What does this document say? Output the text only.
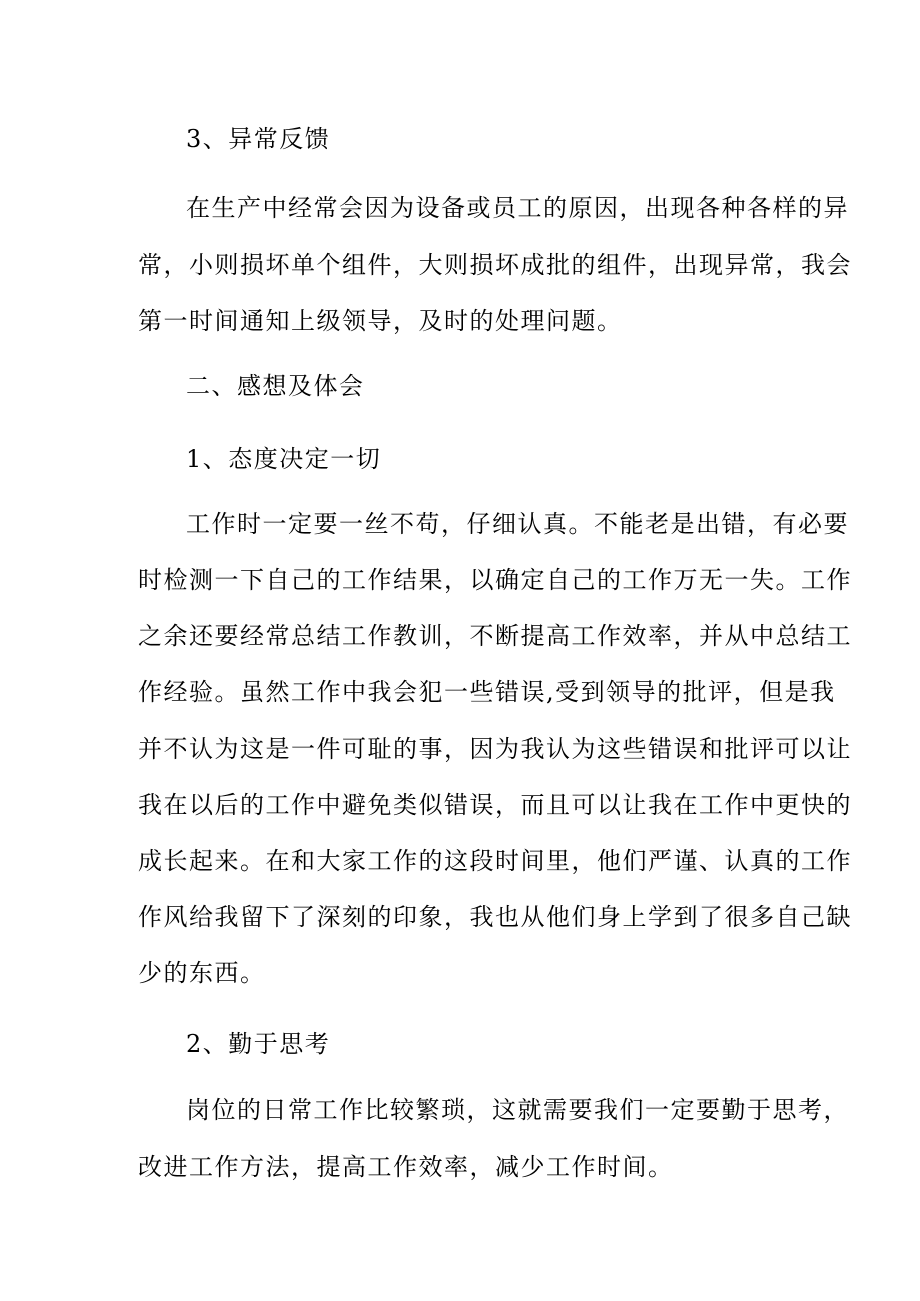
3、异常反馈
在生产中经常会因为设备或员工的原因，出现各种各样的异
常，小则损坏单个组件，大则损坏成批的组件，出现异常，我会
第一时间通知上级领导，及时的处理问题。
二、感想及体会
1、态度决定一切
工作时一定要一丝不苟，仔细认真。不能老是出错，有必要
时检测一下自己的工作结果，以确定自己的工作万无一失。工作
之余还要经常总结工作教训，不断提高工作效率，并从中总结工
作经验。虽然工作中我会犯一些错误,受到领导的批评，但是我
并不认为这是一件可耻的事，因为我认为这些错误和批评可以让
我在以后的工作中避免类似错误，而且可以让我在工作中更快的
成长起来。在和大家工作的这段时间里，他们严谨、认真的工作
作风给我留下了深刻的印象，我也从他们身上学到了很多自己缺
少的东西。
2、勤于思考
岗位的日常工作比较繁琐，这就需要我们一定要勤于思考，
改进工作方法，提高工作效率，减少工作时间。
